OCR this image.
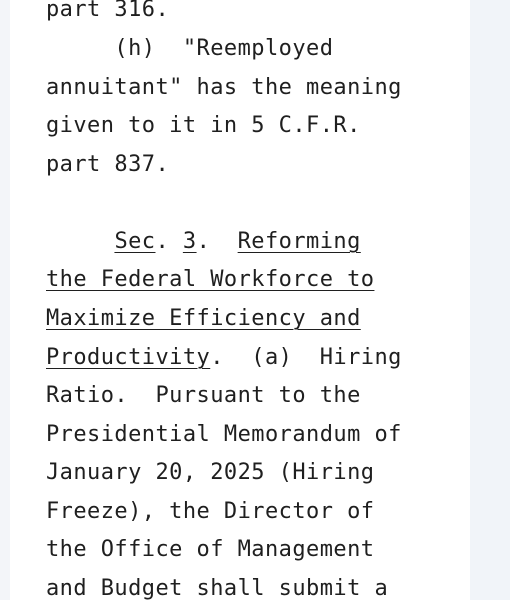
part 316.
(h)  "Reemployed
annuitant" has the meaning
given to it in 5 C.F.R.
part 837.
Sec. 3.  Reforming
the Federal Workforce to
Maximize Efficiency and
Productivity.  (a)  Hiring
Ratio.  Pursuant to the
Presidential Memorandum of
January 20, 2025 (Hiring
Freeze), the Director of
the Office of Management
and Budget shall submit a
